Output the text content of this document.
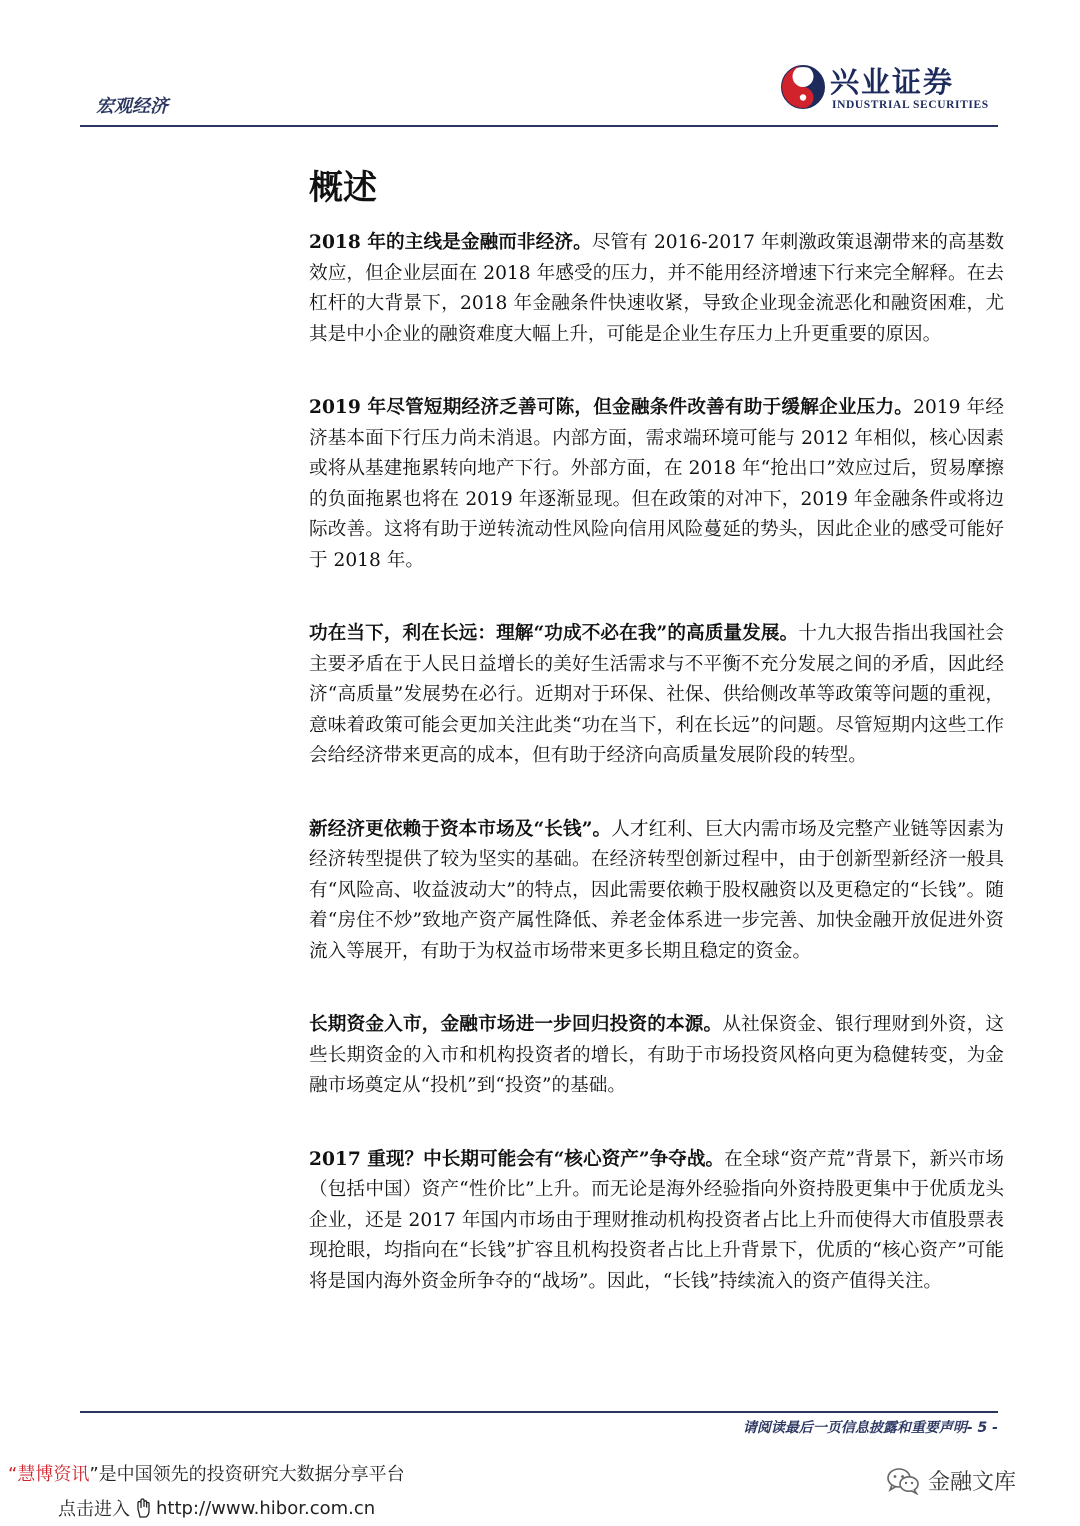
宏观经济
兴业证券
INDUSTRIAL SECURITIES
概述

2018 年的主线是金融而非经济。尽管有 2016-2017 年刺激政策退潮带来的高基数效应，但企业层面在 2018 年感受的压力，并不能用经济增速下行来完全解释。在去杠杆的大背景下，2018 年金融条件快速收紧，导致企业现金流恶化和融资困难，尤其是中小企业的融资难度大幅上升，可能是企业生存压力上升更重要的原因。

2019 年尽管短期经济乏善可陈，但金融条件改善有助于缓解企业压力。2019 年经济基本面下行压力尚未消退。内部方面，需求端环境可能与 2012 年相似，核心因素或将从基建拖累转向地产下行。外部方面，在 2018 年“抢出口”效应过后，贸易摩擦的负面拖累也将在 2019 年逐渐显现。但在政策的对冲下，2019 年金融条件或将边际改善。这将有助于逆转流动性风险向信用风险蔓延的势头，因此企业的感受可能好于 2018 年。

功在当下，利在长远：理解“功成不必在我”的高质量发展。十九大报告指出我国社会主要矛盾在于人民日益增长的美好生活需求与不平衡不充分发展之间的矛盾，因此经济“高质量”发展势在必行。近期对于环保、社保、供给侧改革等政策等问题的重视，意味着政策可能会更加关注此类“功在当下，利在长远”的问题。尽管短期内这些工作会给经济带来更高的成本，但有助于经济向高质量发展阶段的转型。

新经济更依赖于资本市场及“长钱”。人才红利、巨大内需市场及完整产业链等因素为经济转型提供了较为坚实的基础。在经济转型创新过程中，由于创新型新经济一般具有“风险高、收益波动大”的特点，因此需要依赖于股权融资以及更稳定的“长钱”。随着“房住不炒”致地产资产属性降低、养老金体系进一步完善、加快金融开放促进外资流入等展开，有助于为权益市场带来更多长期且稳定的资金。

长期资金入市，金融市场进一步回归投资的本源。从社保资金、银行理财到外资，这些长期资金的入市和机构投资者的增长，有助于市场投资风格向更为稳健转变，为金融市场奠定从“投机”到“投资”的基础。

2017 重现？中长期可能会有“核心资产”争夺战。在全球“资产荒”背景下，新兴市场（包括中国）资产“性价比”上升。而无论是海外经验指向外资持股更集中于优质龙头企业，还是 2017 年国内市场由于理财推动机构投资者占比上升而使得大市值股票表现抢眼，均指向在“长钱”扩容且机构投资者占比上升背景下，优质的“核心资产”可能将是国内海外资金所争夺的“战场”。因此，“长钱”持续流入的资产值得关注。

请阅读最后一页信息披露和重要声明- 5 -
“慧博资讯”是中国领先的投资研究大数据分享平台
点击进入 http://www.hibor.com.cn
金融文库
